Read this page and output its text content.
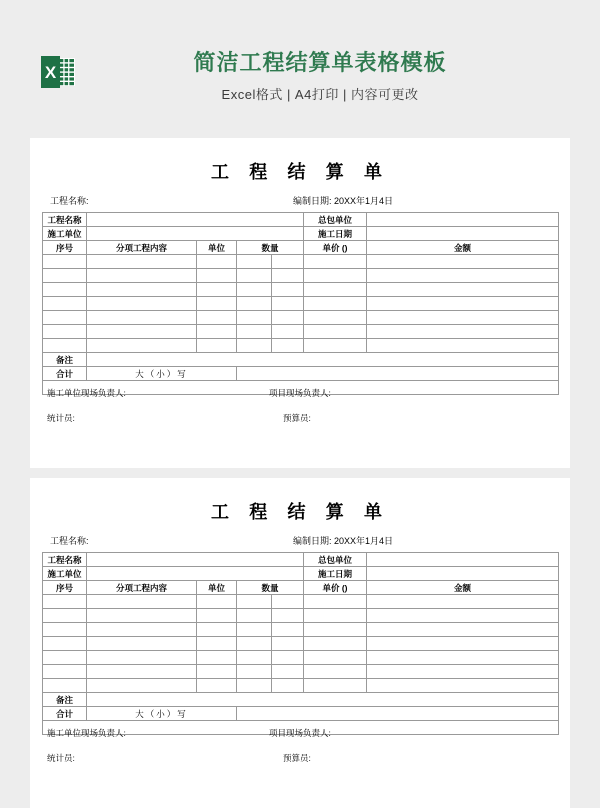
X	简洁工程结算单表格模板

Excel格式 | A4打印 | 内容可更改

工 程 结 算 单
工程名称:	编制日期: 20XX年1月4日
工程名称					总包单位	
施工单位					施工日期	
序号	分项工程内容	单位	数量		单价 ()	金额

备注						
合计	大（小）写					

施工单位现场负责人: 项目现场负责人:
统计员: 预算员:						
工 程 结 算 单
工程名称:	编制日期: 20XX年1月4日
工程名称					总包单位	
施工单位					施工日期	
序号	分项工程内容	单位	数量		单价 ()	金额

备注						
合计	大（小）写					

施工单位现场负责人: 项目现场负责人:
统计员: 预算员:						
